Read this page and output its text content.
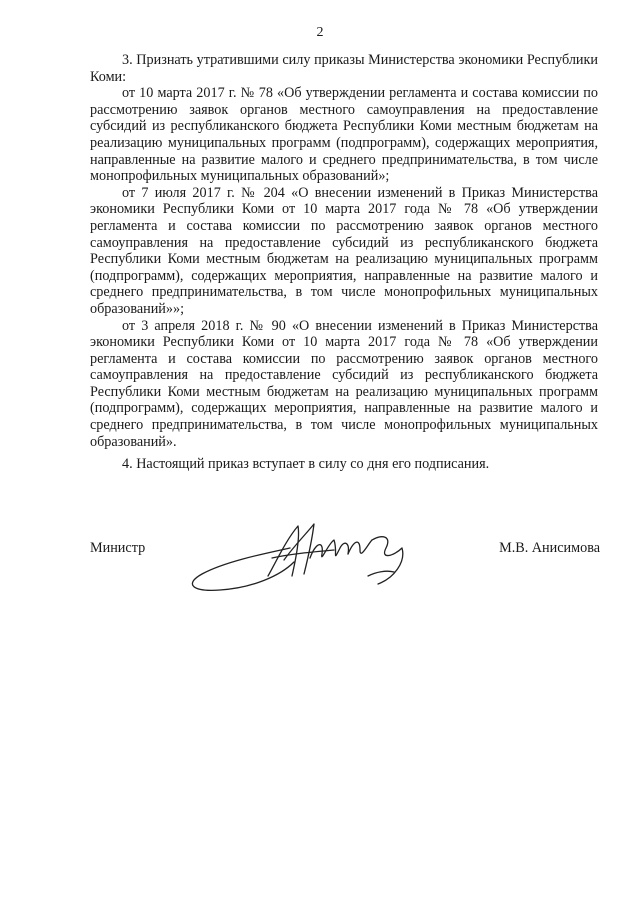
2

3. Признать утратившими силу приказы Министерства экономики Республики Коми:

от 10 марта 2017 г. № 78 «Об утверждении регламента и состава комиссии по рассмотрению заявок органов местного самоуправления на предоставление субсидий из республиканского бюджета Республики Коми местным бюджетам на реализацию муниципальных программ (подпрограмм), содержащих мероприятия, направленные на развитие малого и среднего предпринимательства, в том числе монопрофильных муниципальных образований»;

от 7 июля 2017 г. № 204 «О внесении изменений в Приказ Министерства экономики Республики Коми от 10 марта 2017 года № 78 «Об утверждении регламента и состава комиссии по рассмотрению заявок органов местного самоуправления на предоставление субсидий из республиканского бюджета Республики Коми местным бюджетам на реализацию муниципальных программ (подпрограмм), содержащих мероприятия, направленные на развитие малого и среднего предпринимательства, в том числе монопрофильных муниципальных образований»»;

от 3 апреля 2018 г. № 90 «О внесении изменений в Приказ Министерства экономики Республики Коми от 10 марта 2017 года № 78 «Об утверждении регламента и состава комиссии по рассмотрению заявок органов местного самоуправления на предоставление субсидий из республиканского бюджета Республики Коми местным бюджетам на реализацию муниципальных программ (подпрограмм), содержащих мероприятия, направленные на развитие малого и среднего предпринимательства, в том числе монопрофильных муниципальных образований».

4. Настоящий приказ вступает в силу со дня его подписания.

Министр	М.В. Анисимова
